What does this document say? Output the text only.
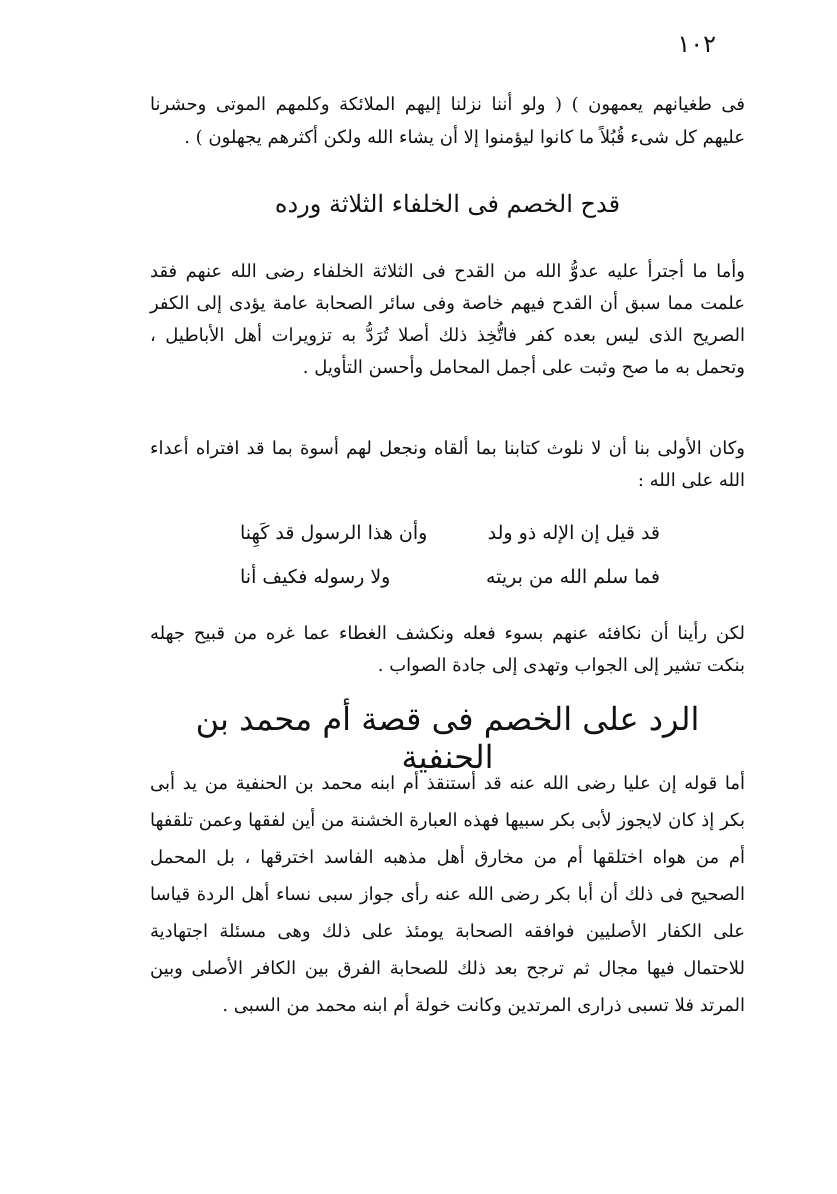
١٠٢

فى طغيانهم يعمهون ) ( ولو أننا نزلنا إليهم الملائكة وكلمهم الموتى وحشرنا عليهم كل شىء قُبُلاً ما كانوا ليؤمنوا إلا أن يشاء الله ولكن أكثرهم يجهلون ) .

قدح الخصم فى الخلفاء الثلاثة ورده

وأما ما أجترأ عليه عدوُّ الله من القدح فى الثلاثة الخلفاء رضى الله عنهم فقد علمت مما سبق أن القدح فيهم خاصة وفى سائر الصحابة عامة يؤدى إلى الكفر الصريح الذى ليس بعده كفر فاتُّخِذ ذلك أصلا تُرَدُّ به تزويرات أهل الأباطيل ، وتحمل به ما صح وثبت على أجمل المحامل وأحسن التأويل .

وكان الأولى بنا أن لا نلوث كتابنا بما ألقاه ونجعل لهم أسوة بما قد افتراه أعداء الله على الله :

قد قيل إن الإله ذو ولد
وأن هذا الرسول قد كَهِنا
فما سلم الله من بريته
ولا رسوله فكيف أنا

لكن رأينا أن نكافئه عنهم بسوء فعله ونكشف الغطاء عما غره من قبيح جهله بنكت تشير إلى الجواب وتهدى إلى جادة الصواب .

الرد على الخصم فى قصة أم محمد بن الحنفية

أما قوله إن عليا رضى الله عنه قد أستنقذ أم ابنه محمد بن الحنفية من يد أبى بكر إذ كان لايجوز لأبى بكر سبيها فهذه العبارة الخشنة من أين لفقها وعمن تلقفها أم من هواه اختلقها أم من مخارق أهل مذهبه الفاسد اخترقها ، بل المحمل الصحيح فى ذلك أن أبا بكر رضى الله عنه رأى جواز سبى نساء أهل الردة قياسا على الكفار الأصليين فوافقه الصحابة يومئذ على ذلك وهى مسئلة اجتهادية للاحتمال فيها مجال ثم ترجح بعد ذلك للصحابة الفرق بين الكافر الأصلى وبين المرتد فلا تسبى ذرارى المرتدين وكانت خولة أم ابنه محمد من السبى .
